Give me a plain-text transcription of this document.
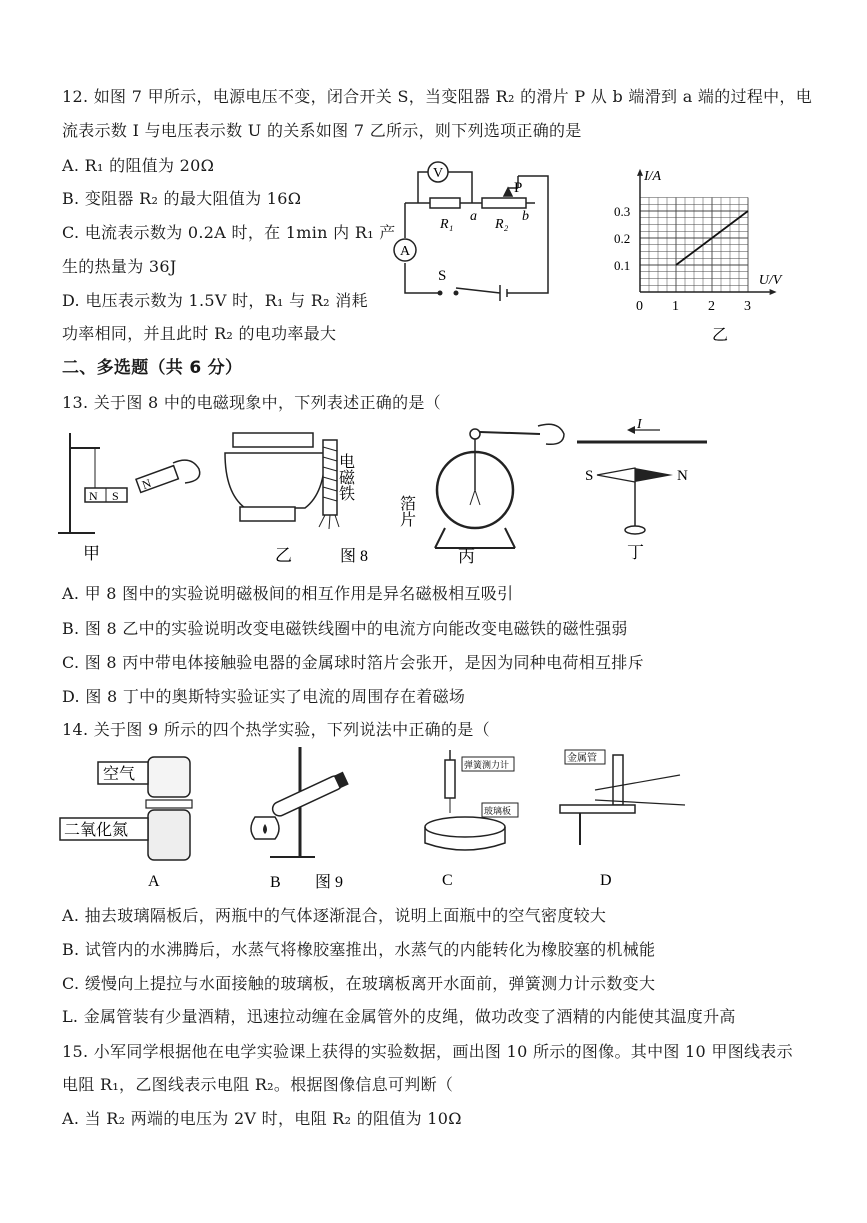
12. 如图 7 甲所示，电源电压不变，闭合开关 S，当变阻器 R₂ 的滑片 P 从 b 端滑到 a 端的过程中，电
流表示数 I 与电压表示数 U 的关系如图 7 乙所示，则下列选项正确的是
A. R₁ 的阻值为 20Ω
B. 变阻器 R₂ 的最大阻值为 16Ω
C. 电流表示数为 0.2A 时，在 1min 内 R₁ 产
生的热量为 36J
D. 电压表示数为 1.5V 时，R₁ 与 R₂ 消耗
功率相同，并且此时 R₂ 的电功率最大
V
A
P
R₁
a
R₂
b
S
0 1 2 3
0.1
0.2
0.3
I/A
U/V
乙
二、多选题（共 6 分）
13. 关于图 8 中的电磁现象中，下列表述正确的是（
N S
N
甲
电磁铁
乙	图 8
箔片
丙
I
S	N
丁
A. 甲 8 图中的实验说明磁极间的相互作用是异名磁极相互吸引
B. 图 8 乙中的实验说明改变电磁铁线圈中的电流方向能改变电磁铁的磁性强弱
C. 图 8 丙中带电体接触验电器的金属球时箔片会张开，是因为同种电荷相互排斥
D. 图 8 丁中的奥斯特实验证实了电流的周围存在着磁场
14. 关于图 9 所示的四个热学实验，下列说法中正确的是（
空气
二氧化氮
A	B 图 9
弹簧测力计
玻璃板
C
金属管
D
A. 抽去玻璃隔板后，两瓶中的气体逐渐混合，说明上面瓶中的空气密度较大
B. 试管内的水沸腾后，水蒸气将橡胶塞推出，水蒸气的内能转化为橡胶塞的机械能
C. 缓慢向上提拉与水面接触的玻璃板，在玻璃板离开水面前，弹簧测力计示数变大
L. 金属管装有少量酒精，迅速拉动缠在金属管外的皮绳，做功改变了酒精的内能使其温度升高
15. 小军同学根据他在电学实验课上获得的实验数据，画出图 10 所示的图像。其中图 10 甲图线表示
电阻 R₁，乙图线表示电阻 R₂。根据图像信息可判断（
A. 当 R₂ 两端的电压为 2V 时，电阻 R₂ 的阻值为 10Ω
